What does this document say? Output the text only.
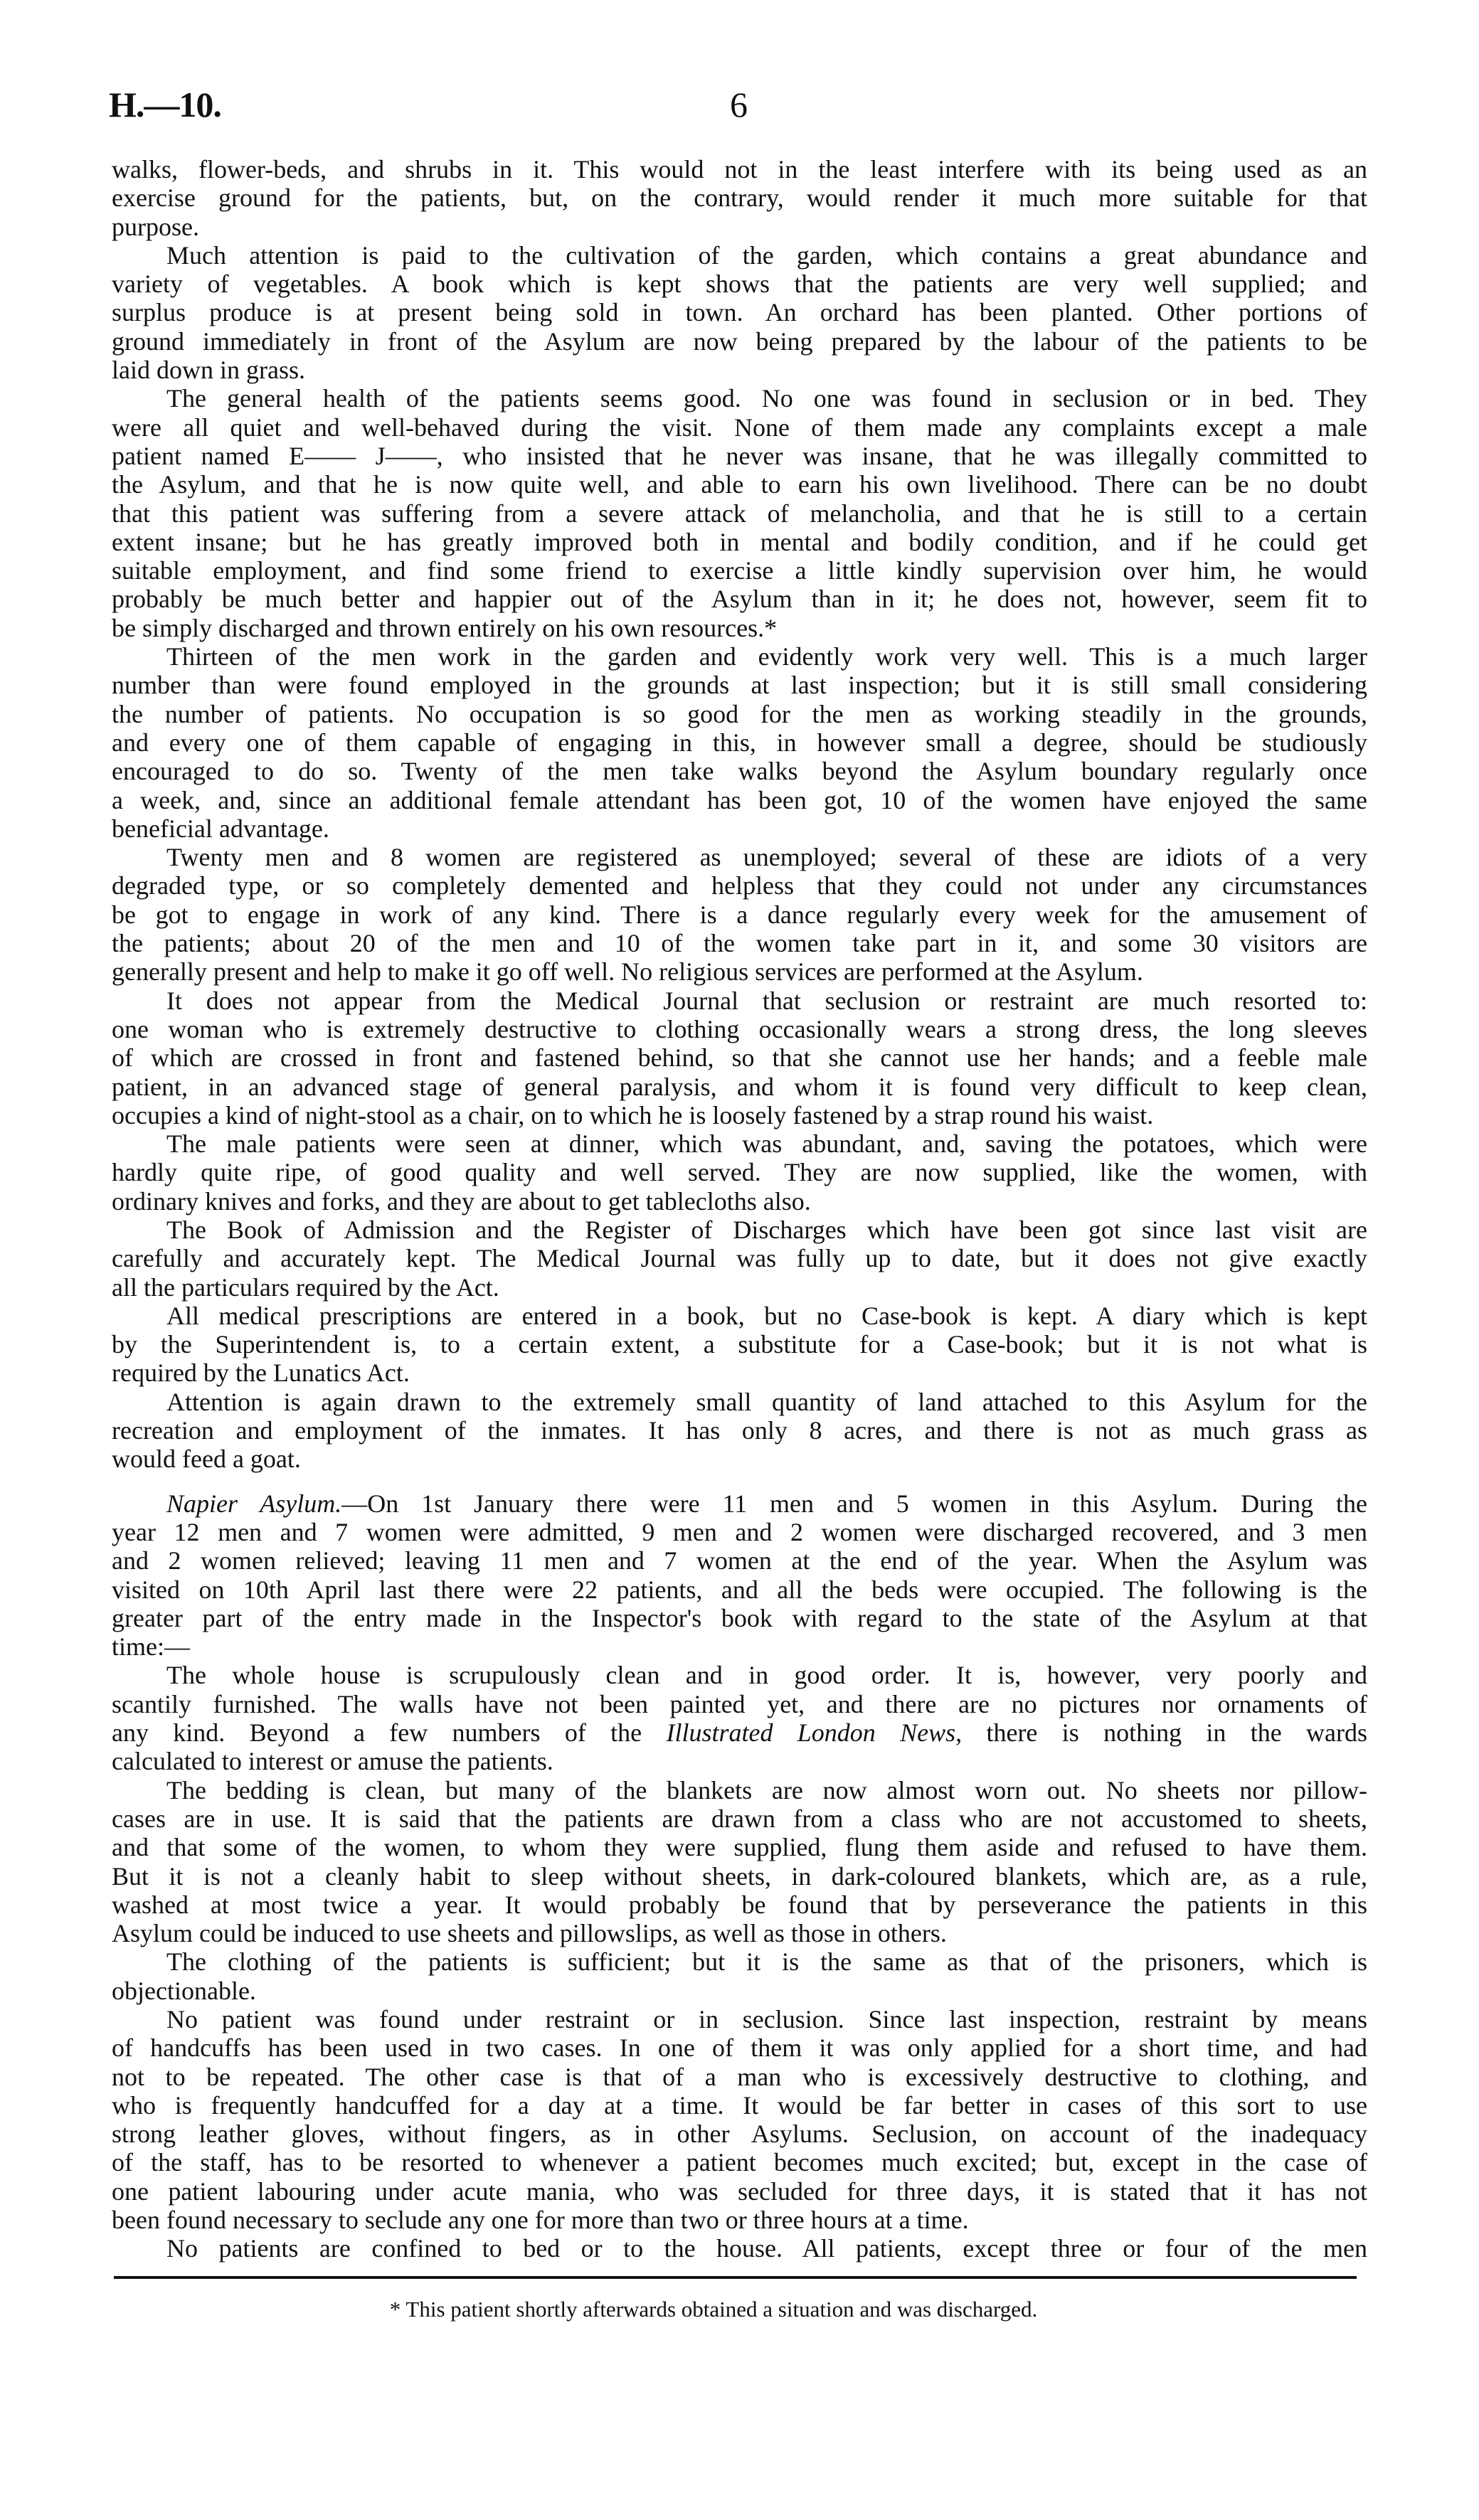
H.—10.	6
walks, flower-beds, and shrubs in it. This would not in the least interfere with its being used as an
exercise ground for the patients, but, on the contrary, would render it much more suitable for that
purpose.
Much attention is paid to the cultivation of the garden, which contains a great abundance and
variety of vegetables. A book which is kept shows that the patients are very well supplied; and
surplus produce is at present being sold in town. An orchard has been planted. Other portions of
ground immediately in front of the Asylum are now being prepared by the labour of the patients to be
laid down in grass.
The general health of the patients seems good. No one was found in seclusion or in bed. They
were all quiet and well-behaved during the visit. None of them made any complaints except a male
patient named E—— J——, who insisted that he never was insane, that he was illegally committed to
the Asylum, and that he is now quite well, and able to earn his own livelihood. There can be no doubt
that this patient was suffering from a severe attack of melancholia, and that he is still to a certain
extent insane; but he has greatly improved both in mental and bodily condition, and if he could get
suitable employment, and find some friend to exercise a little kindly supervision over him, he would
probably be much better and happier out of the Asylum than in it; he does not, however, seem fit to
be simply discharged and thrown entirely on his own resources.*
Thirteen of the men work in the garden and evidently work very well. This is a much larger
number than were found employed in the grounds at last inspection; but it is still small considering
the number of patients. No occupation is so good for the men as working steadily in the grounds,
and every one of them capable of engaging in this, in however small a degree, should be studiously
encouraged to do so. Twenty of the men take walks beyond the Asylum boundary regularly once
a week, and, since an additional female attendant has been got, 10 of the women have enjoyed the same
beneficial advantage.
Twenty men and 8 women are registered as unemployed; several of these are idiots of a very
degraded type, or so completely demented and helpless that they could not under any circumstances
be got to engage in work of any kind. There is a dance regularly every week for the amusement of
the patients; about 20 of the men and 10 of the women take part in it, and some 30 visitors are
generally present and help to make it go off well. No religious services are performed at the Asylum.
It does not appear from the Medical Journal that seclusion or restraint are much resorted to:
one woman who is extremely destructive to clothing occasionally wears a strong dress, the long sleeves
of which are crossed in front and fastened behind, so that she cannot use her hands; and a feeble male
patient, in an advanced stage of general paralysis, and whom it is found very difficult to keep clean,
occupies a kind of night-stool as a chair, on to which he is loosely fastened by a strap round his waist.
The male patients were seen at dinner, which was abundant, and, saving the potatoes, which were
hardly quite ripe, of good quality and well served. They are now supplied, like the women, with
ordinary knives and forks, and they are about to get tablecloths also.
The Book of Admission and the Register of Discharges which have been got since last visit are
carefully and accurately kept. The Medical Journal was fully up to date, but it does not give exactly
all the particulars required by the Act.
All medical prescriptions are entered in a book, but no Case-book is kept. A diary which is kept
by the Superintendent is, to a certain extent, a substitute for a Case-book; but it is not what is
required by the Lunatics Act.
Attention is again drawn to the extremely small quantity of land attached to this Asylum for the
recreation and employment of the inmates. It has only 8 acres, and there is not as much grass as
would feed a goat.
Napier Asylum.—On 1st January there were 11 men and 5 women in this Asylum. During the
year 12 men and 7 women were admitted, 9 men and 2 women were discharged recovered, and 3 men
and 2 women relieved; leaving 11 men and 7 women at the end of the year. When the Asylum was
visited on 10th April last there were 22 patients, and all the beds were occupied. The following is the
greater part of the entry made in the Inspector's book with regard to the state of the Asylum at that
time:—
The whole house is scrupulously clean and in good order. It is, however, very poorly and
scantily furnished. The walls have not been painted yet, and there are no pictures nor ornaments of
any kind. Beyond a few numbers of the Illustrated London News, there is nothing in the wards
calculated to interest or amuse the patients.
The bedding is clean, but many of the blankets are now almost worn out. No sheets nor pillow-
cases are in use. It is said that the patients are drawn from a class who are not accustomed to sheets,
and that some of the women, to whom they were supplied, flung them aside and refused to have them.
But it is not a cleanly habit to sleep without sheets, in dark-coloured blankets, which are, as a rule,
washed at most twice a year. It would probably be found that by perseverance the patients in this
Asylum could be induced to use sheets and pillowslips, as well as those in others.
The clothing of the patients is sufficient; but it is the same as that of the prisoners, which is
objectionable.
No patient was found under restraint or in seclusion. Since last inspection, restraint by means
of handcuffs has been used in two cases. In one of them it was only applied for a short time, and had
not to be repeated. The other case is that of a man who is excessively destructive to clothing, and
who is frequently handcuffed for a day at a time. It would be far better in cases of this sort to use
strong leather gloves, without fingers, as in other Asylums. Seclusion, on account of the inadequacy
of the staff, has to be resorted to whenever a patient becomes much excited; but, except in the case of
one patient labouring under acute mania, who was secluded for three days, it is stated that it has not
been found necessary to seclude any one for more than two or three hours at a time.
No patients are confined to bed or to the house. All patients, except three or four of the men
* This patient shortly afterwards obtained a situation and was discharged.
